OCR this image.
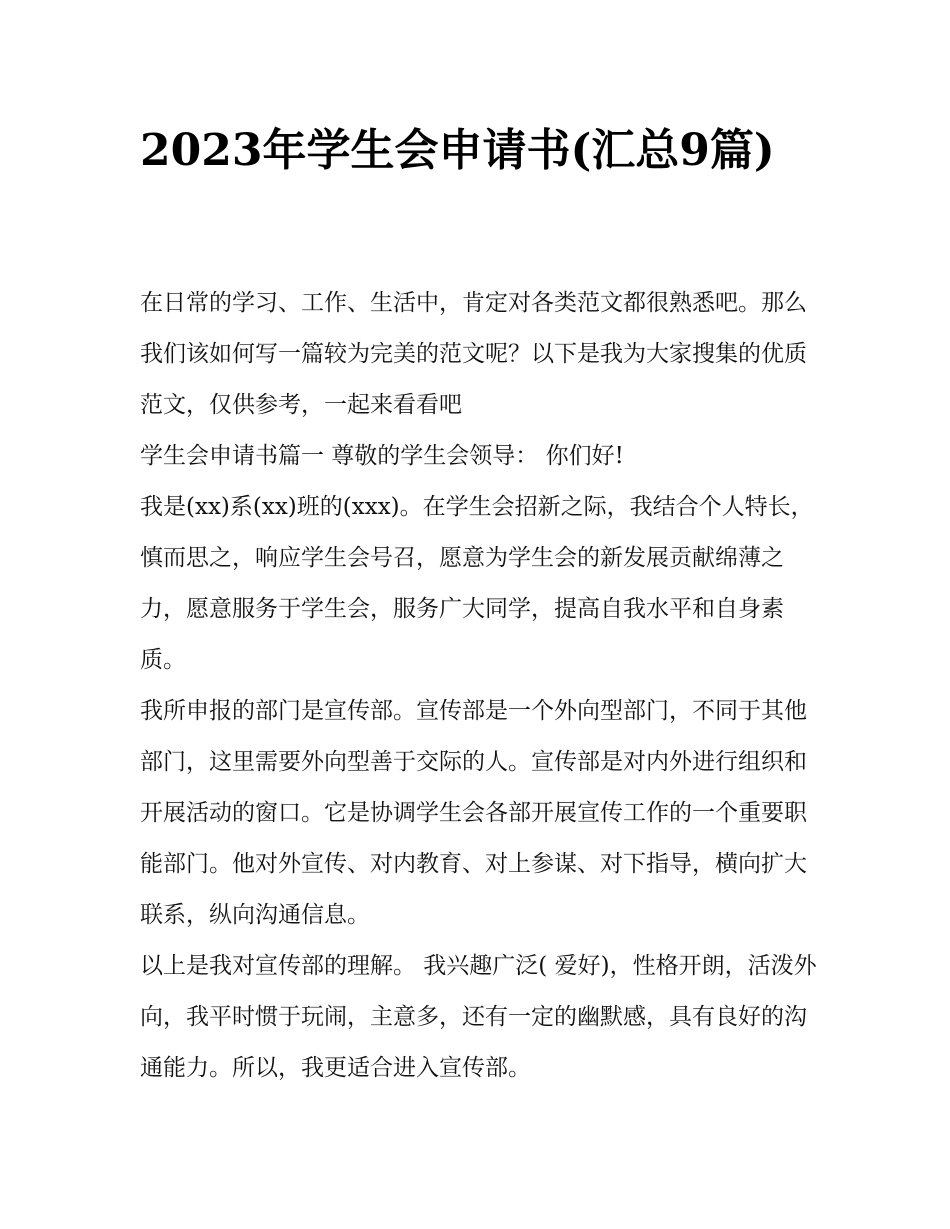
2023年学生会申请书(汇总9篇)

在日常的学习、工作、生活中，肯定对各类范文都很熟悉吧。那么我们该如何写一篇较为完美的范文呢？以下是我为大家搜集的优质范文，仅供参考，一起来看看吧

学生会申请书篇一 尊敬的学生会领导： 你们好!

我是(xx)系(xx)班的(xxx)。在学生会招新之际，我结合个人特长，慎而思之，响应学生会号召，愿意为学生会的新发展贡献绵薄之力，愿意服务于学生会，服务广大同学，提高自我水平和自身素质。

我所申报的部门是宣传部。宣传部是一个外向型部门，不同于其他部门，这里需要外向型善于交际的人。宣传部是对内外进行组织和开展活动的窗口。它是协调学生会各部开展宣传工作的一个重要职能部门。他对外宣传、对内教育、对上参谋、对下指导，横向扩大联系，纵向沟通信息。

以上是我对宣传部的理解。 我兴趣广泛( 爱好)，性格开朗，活泼外向，我平时惯于玩闹，主意多，还有一定的幽默感，具有良好的沟通能力。所以，我更适合进入宣传部。
